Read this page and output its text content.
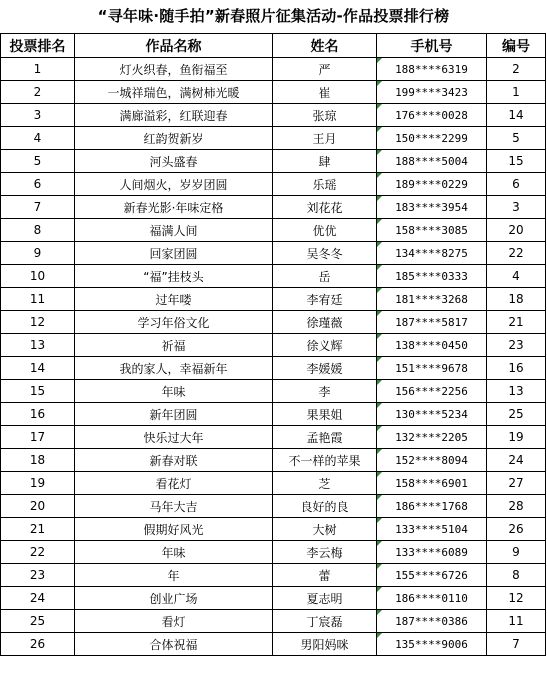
“寻年味·随手拍”新春照片征集活动-作品投票排行榜
投票排名	作品名称	姓名	手机号	编号
1	灯火织春，鱼衔福至	严	188****6319	2
2	一城祥瑞色，满树柿光暖	崔	199****3423	1
3	满廊溢彩，红联迎春	张琼	176****0028	14
4	红韵贺新岁	王月	150****2299	5
5	河头盛春	肆	188****5004	15
6	人间烟火，岁岁团圆	乐瑶	189****0229	6
7	新春光影·年味定格	刘花花	183****3954	3
8	福满人间	优优	158****3085	20
9	回家团圆	吴冬冬	134****8275	22
10	“福”挂枝头	岳	185****0333	4
11	过年喽	李宥廷	181****3268	18
12	学习年俗文化	徐瑾薇	187****5817	21
13	祈福	徐义辉	138****0450	23
14	我的家人，幸福新年	李媛媛	151****9678	16
15	年味	李	156****2256	13
16	新年团圆	果果姐	130****5234	25
17	快乐过大年	孟艳霞	132****2205	19
18	新春对联	不一样的苹果	152****8094	24
19	看花灯	芝	158****6901	27
20	马年大吉	良好的良	186****1768	28
21	假期好风光	大树	133****5104	26
22	年味	李云梅	133****6089	9
23	年	蕾	155****6726	8
24	创业广场	夏志明	186****0110	12
25	看灯	丁宸磊	187****0386	11
26	合体祝福	男阳妈咪	135****9006	7
